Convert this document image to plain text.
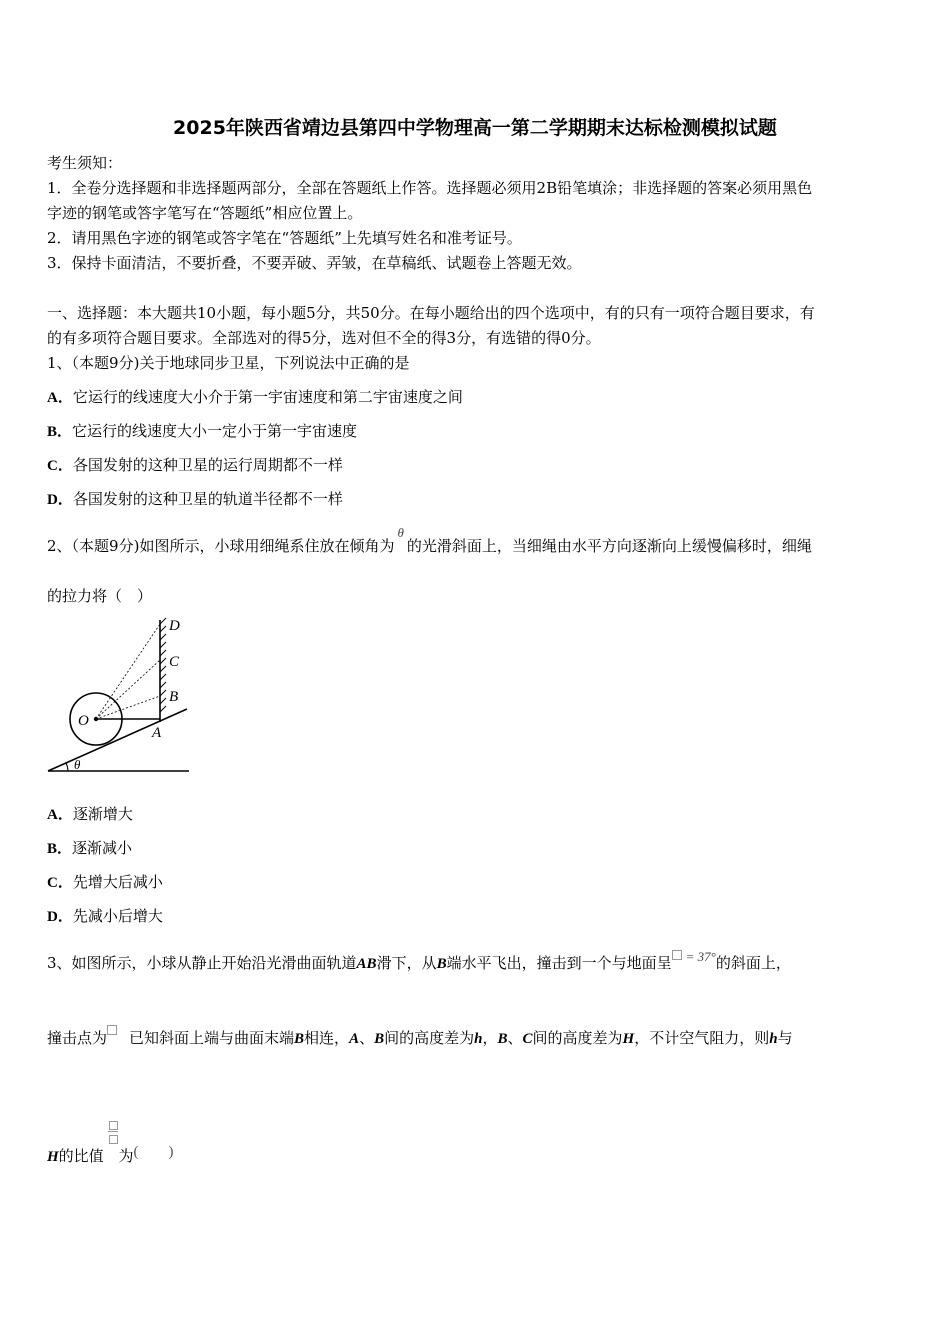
2025年陕西省靖边县第四中学物理高一第二学期期末达标检测模拟试题
考生须知：
1．全卷分选择题和非选择题两部分，全部在答题纸上作答。选择题必须用2B铅笔填涂；非选择题的答案必须用黑色
字迹的钢笔或答字笔写在“答题纸”相应位置上。
2．请用黑色字迹的钢笔或答字笔在“答题纸”上先填写姓名和准考证号。
3．保持卡面清洁，不要折叠，不要弄破、弄皱，在草稿纸、试题卷上答题无效。
一、选择题：本大题共10小题，每小题5分，共50分。在每小题给出的四个选项中，有的只有一项符合题目要求，有
的有多项符合题目要求。全部选对的得5分，选对但不全的得3分，有选错的得0分。
1、（本题9分)关于地球同步卫星，下列说法中正确的是
A．它运行的线速度大小介于第一宇宙速度和第二宇宙速度之间
B．它运行的线速度大小一定小于第一宇宙速度
C．各国发射的这种卫星的运行周期都不一样
D．各国发射的这种卫星的轨道半径都不一样
2、（本题9分)如图所示，小球用细绳系住放在倾角为θ的光滑斜面上，当细绳由水平方向逐渐向上缓慢偏移时，细绳
的拉力将（　）
D
C
B
A
O
θ
A．逐渐增大
B．逐渐减小
C．先增大后减小
D．先减小后增大
3、如图所示，小球从静止开始沿光滑曲面轨道AB滑下，从B端水平飞出，撞击到一个与地面呈 = 37°的斜面上，
撞击点为 已知斜面上端与曲面末端B相连，A、B间的高度差为h，B、C间的高度差为H，不计空气阻力，则h与
H的比值 为(　　)
